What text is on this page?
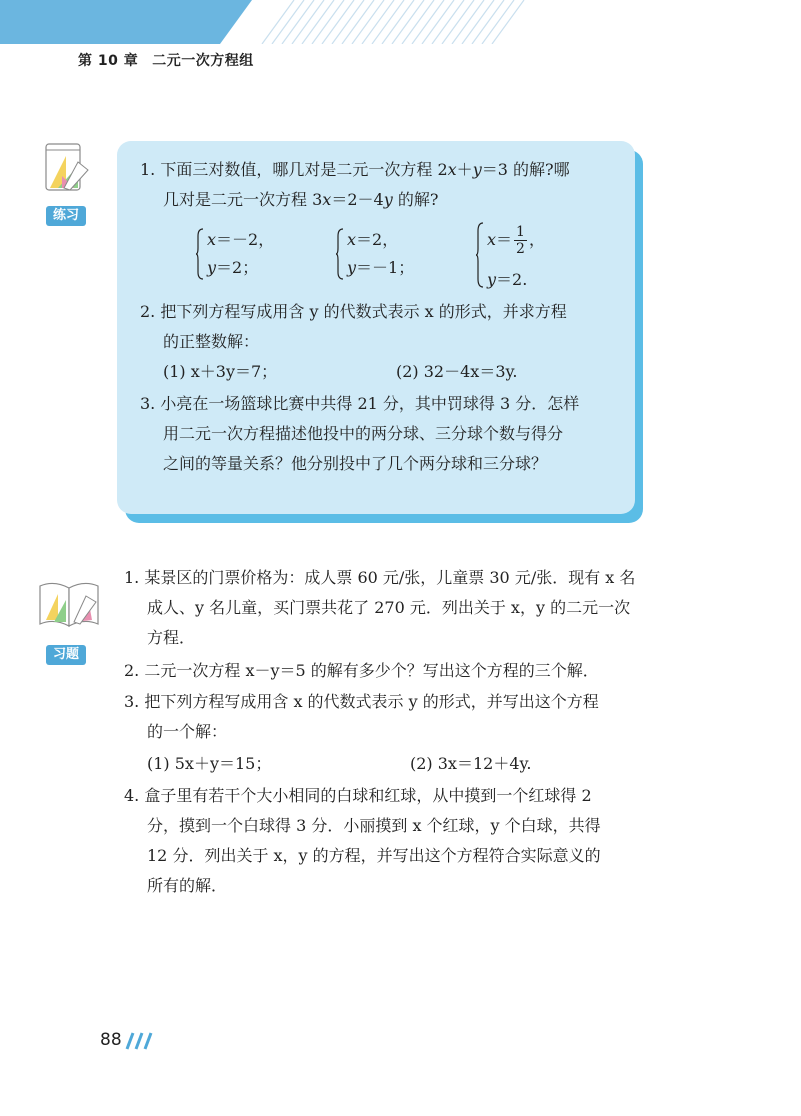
第 10 章 二元一次方程组
练习
1. 下面三对数值，哪几对是二元一次方程 2x＋y＝3 的解?哪
几对是二元一次方程 3x＝2－4y 的解?
x＝－2，
y＝2；
x＝2，
y＝－1；
$x= \frac{1}{2}$ ，
y＝2.
2. 把下列方程写成用含 y 的代数式表示 x 的形式，并求方程
的正整数解：
(1) x＋3y＝7；	(2) 32－4x＝3y.
3. 小亮在一场篮球比赛中共得 21 分，其中罚球得 3 分．怎样
用二元一次方程描述他投中的两分球、三分球个数与得分
之间的等量关系？他分别投中了几个两分球和三分球？
习题
1. 某景区的门票价格为：成人票 60 元/张，儿童票 30 元/张．现有 x 名
成人、y 名儿童，买门票共花了 270 元．列出关于 x，y 的二元一次
方程．
2. 二元一次方程 x－y＝5 的解有多少个？写出这个方程的三个解．
3. 把下列方程写成用含 x 的代数式表示 y 的形式，并写出这个方程
的一个解：
(1) 5x＋y＝15；	(2) 3x＝12＋4y.
4. 盒子里有若干个大小相同的白球和红球，从中摸到一个红球得 2
分，摸到一个白球得 3 分．小丽摸到 x 个红球，y 个白球，共得
12 分．列出关于 x，y 的方程，并写出这个方程符合实际意义的
所有的解．
88
